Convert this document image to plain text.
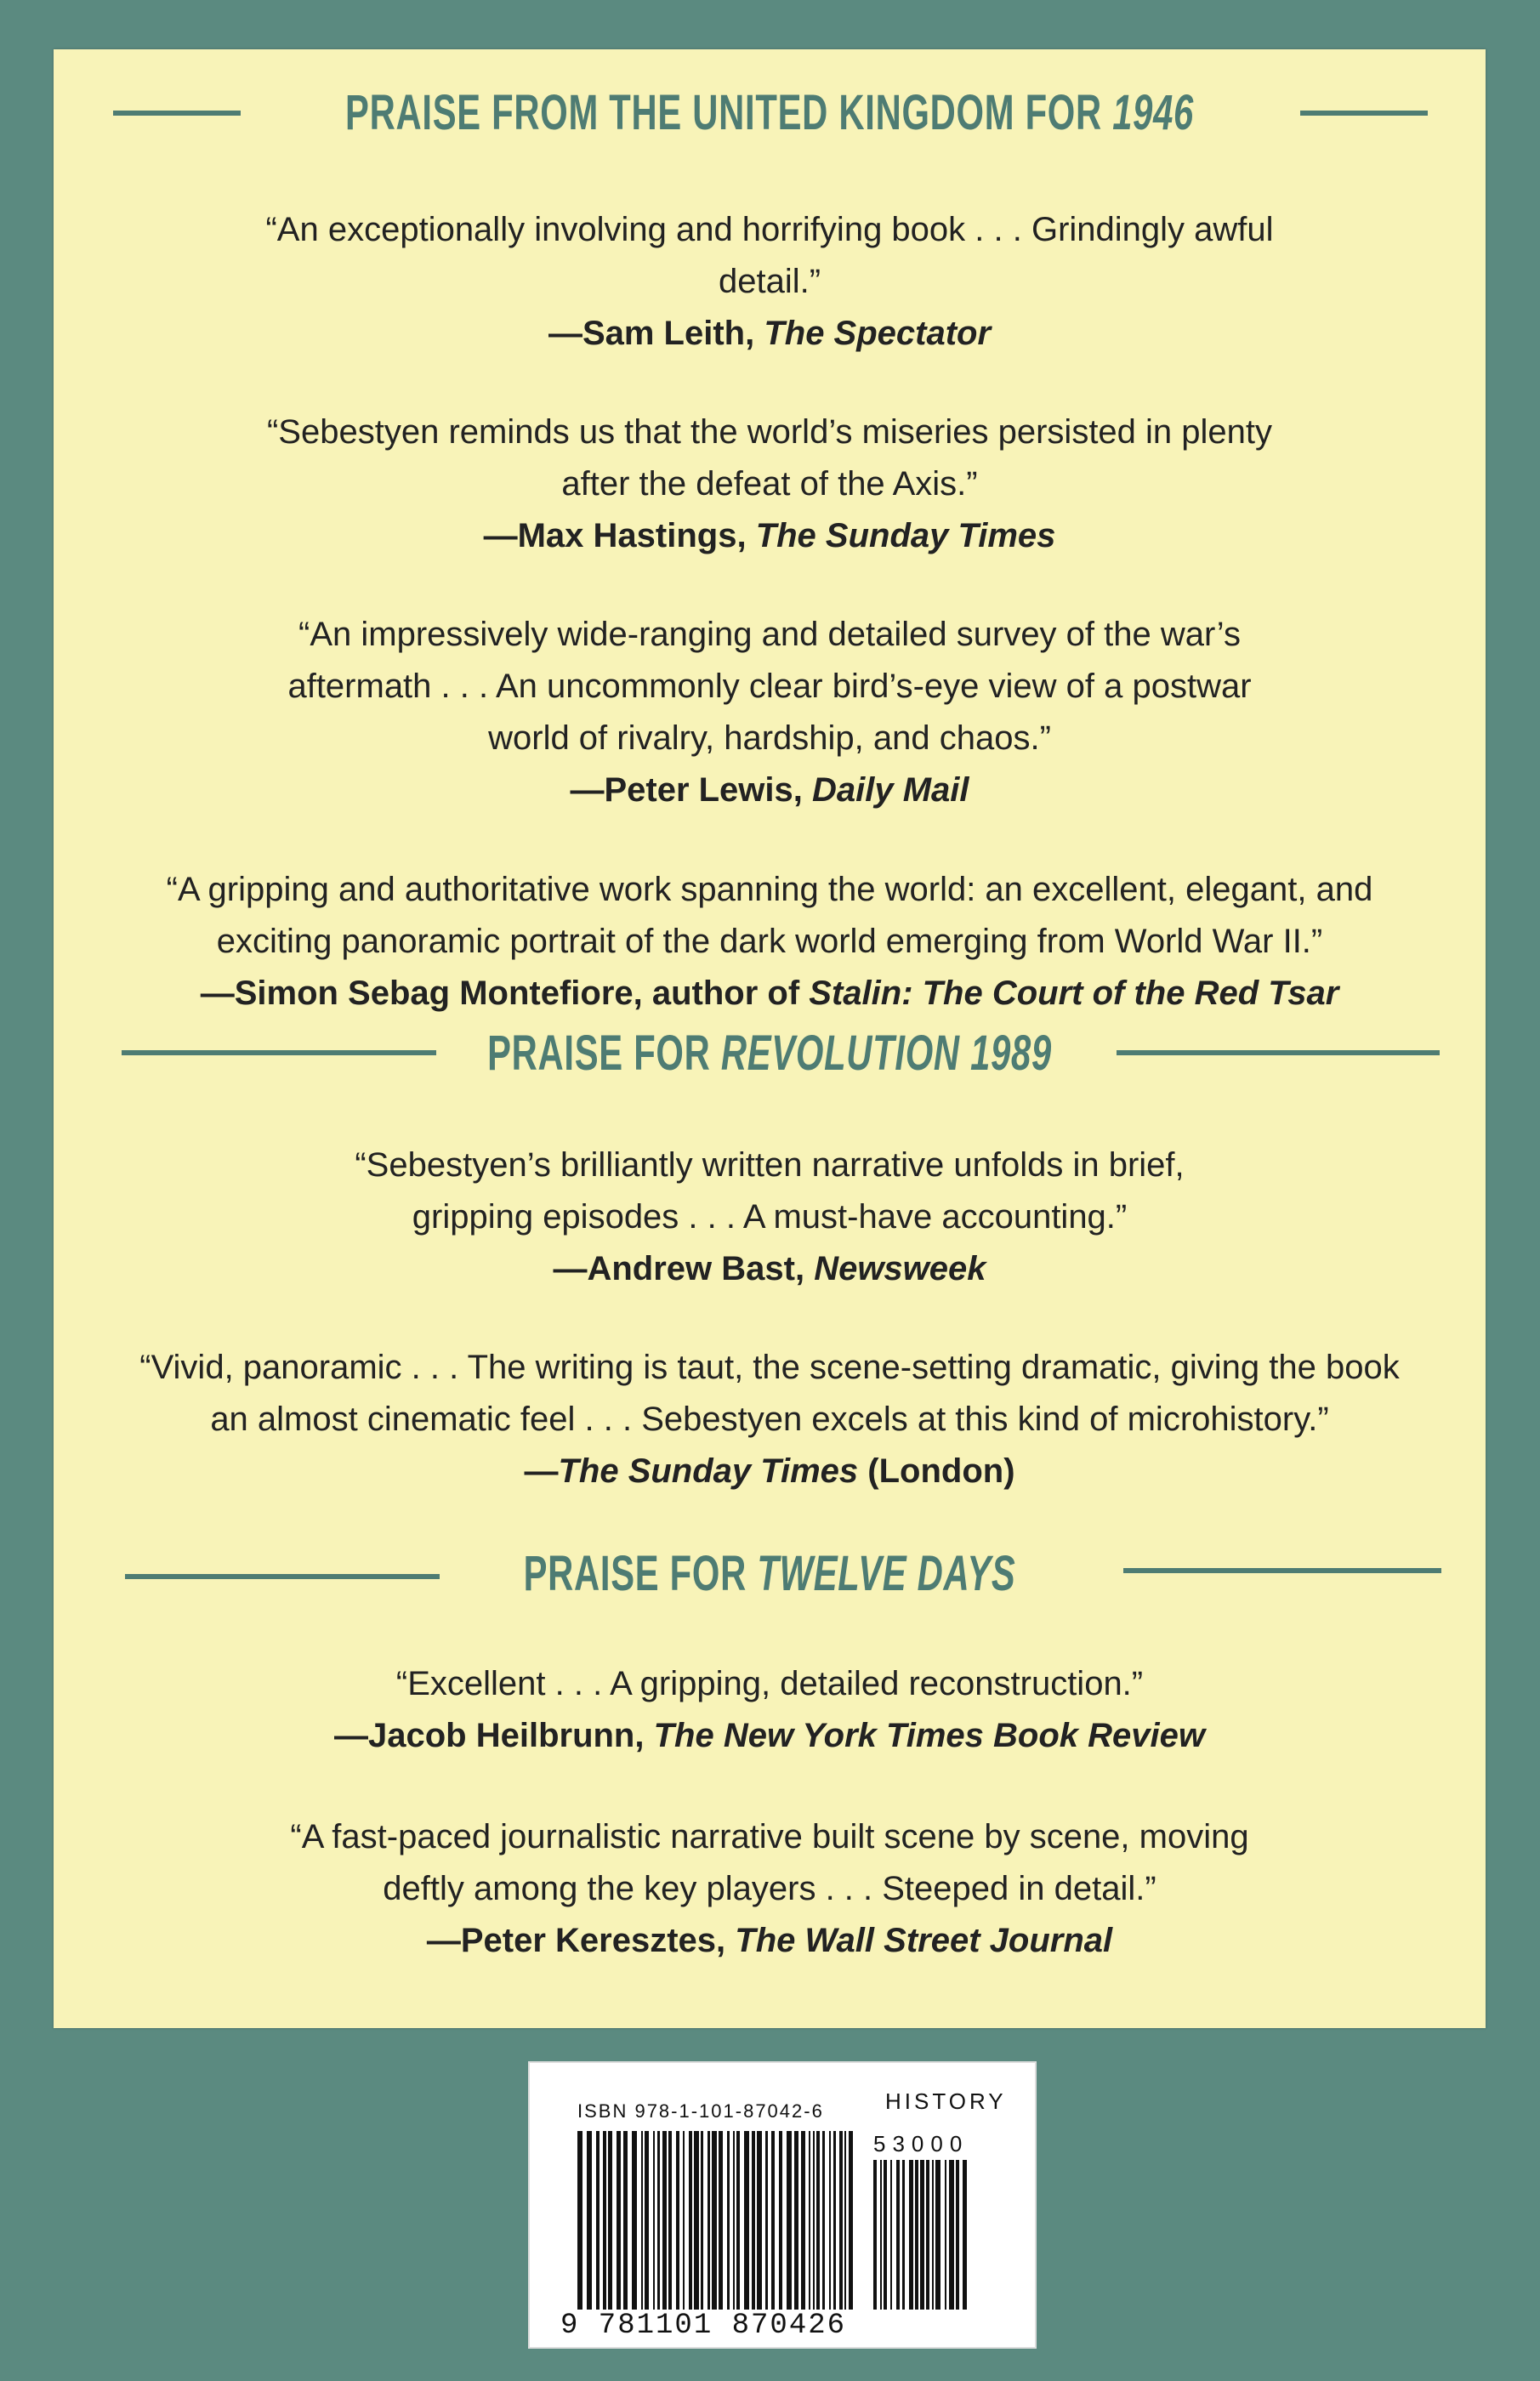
PRAISE FROM THE UNITED KINGDOM FOR 1946
“An exceptionally involving and horrifying book . . . Grindingly awful detail.”
—Sam Leith, The Spectator
“Sebestyen reminds us that the world’s miseries persisted in plenty after the defeat of the Axis.”
—Max Hastings, The Sunday Times
“An impressively wide-ranging and detailed survey of the war’s aftermath . . . An uncommonly clear bird’s-eye view of a postwar world of rivalry, hardship, and chaos.”
—Peter Lewis, Daily Mail
“A gripping and authoritative work spanning the world: an excellent, elegant, and exciting panoramic portrait of the dark world emerging from World War II.”
—Simon Sebag Montefiore, author of Stalin: The Court of the Red Tsar
PRAISE FOR REVOLUTION 1989
“Sebestyen’s brilliantly written narrative unfolds in brief, gripping episodes . . . A must-have accounting.”
—Andrew Bast, Newsweek
“Vivid, panoramic . . . The writing is taut, the scene-setting dramatic, giving the book an almost cinematic feel . . . Sebestyen excels at this kind of microhistory.”
—The Sunday Times (London)
PRAISE FOR TWELVE DAYS
“Excellent . . . A gripping, detailed reconstruction.”
—Jacob Heilbrunn, The New York Times Book Review
“A fast-paced journalistic narrative built scene by scene, moving deftly among the key players . . . Steeped in detail.”
—Peter Keresztes, The Wall Street Journal
ISBN 978-1-101-87042-6	HISTORY
53000
9 781101 870426
